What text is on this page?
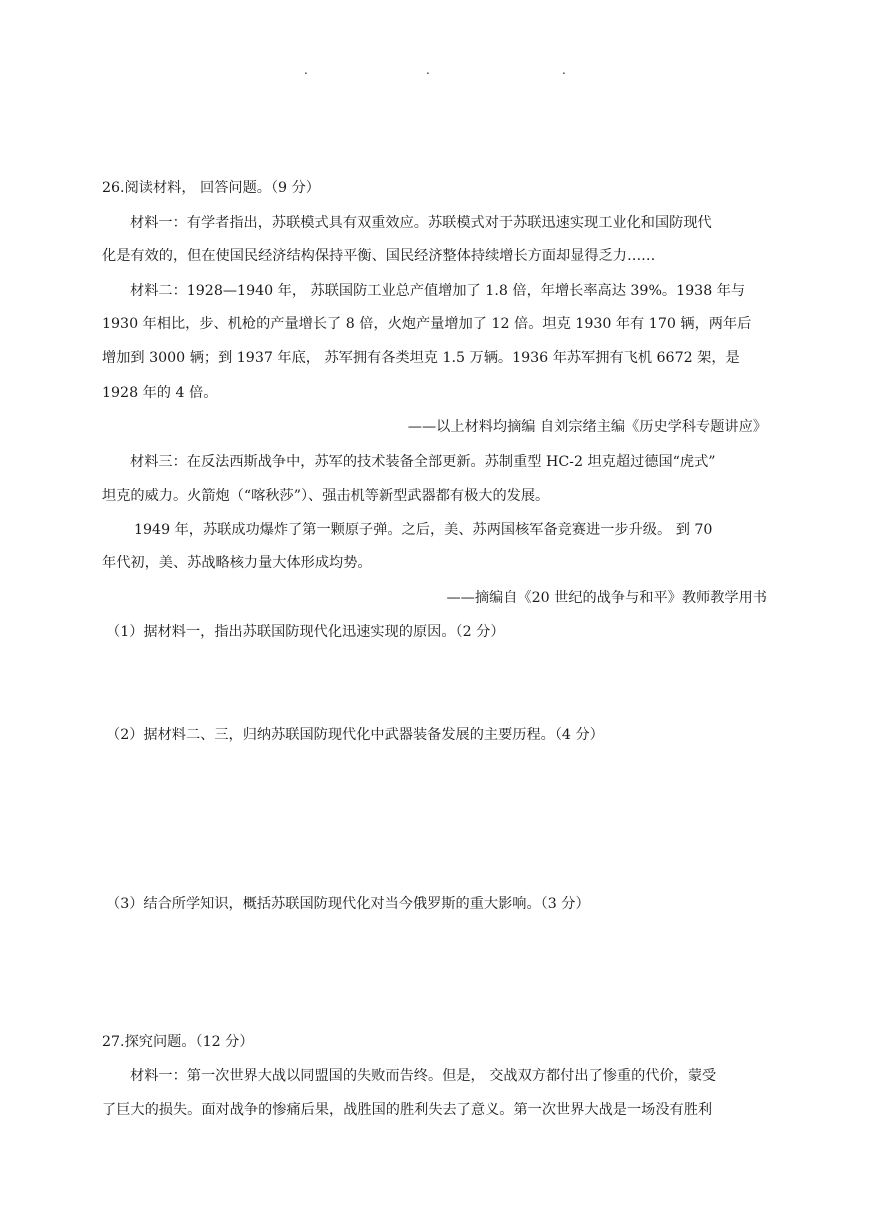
.	.	.
26.阅读材料， 回答问题。（9 分）
材料一：有学者指出，苏联模式具有双重效应。苏联模式对于苏联迅速实现工业化和国防现代
化是有效的，但在使国民经济结构保持平衡、国民经济整体持续增长方面却显得乏力……
材料二：1928—1940 年， 苏联国防工业总产值增加了 1.8 倍，年增长率高达 39%。1938 年与
1930 年相比，步、机枪的产量增长了 8 倍，火炮产量增加了 12 倍。坦克 1930 年有 170 辆，两年后
增加到 3000 辆；到 1937 年底， 苏军拥有各类坦克 1.5 万辆。1936 年苏军拥有飞机 6672 架，是
1928 年的 4 倍。
——以上材料均摘编 自刘宗绪主编《历史学科专题讲应》
材料三：在反法西斯战争中，苏军的技术装备全部更新。苏制重型 HC-2 坦克超过德国“虎式”
坦克的威力。火箭炮（“喀秋莎”）、强击机等新型武器都有极大的发展。
1949 年，苏联成功爆炸了第一颗原子弹。之后，美、苏两国核军备竞赛进一步升级。 到 70
年代初，美、苏战略核力量大体形成均势。
——摘编自《20 世纪的战争与和平》教师教学用书
（1）据材料一，指出苏联国防现代化迅速实现的原因。（2 分）
（2）据材料二、三，归纳苏联国防现代化中武器装备发展的主要历程。（4 分）
（3）结合所学知识，概括苏联国防现代化对当今俄罗斯的重大影响。（3 分）
27.探究问题。（12 分）
材料一：第一次世界大战以同盟国的失败而告终。但是， 交战双方都付出了惨重的代价，蒙受
了巨大的损失。面对战争的惨痛后果，战胜国的胜利失去了意义。第一次世界大战是一场没有胜利
